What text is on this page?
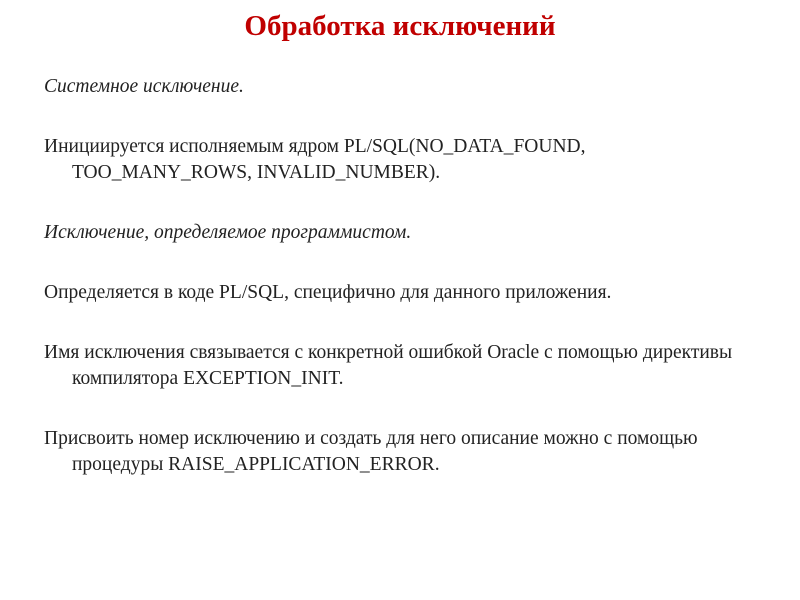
Обработка исключений

Системное исключение.

Инициируется исполняемым ядром PL/SQL(NO_DATA_FOUND, TOO_MANY_ROWS, INVALID_NUMBER).

Исключение, определяемое программистом.

Определяется в коде PL/SQL, специфично для данного приложения.

Имя исключения связывается с конкретной ошибкой Oracle с помощью директивы компилятора EXCEPTION_INIT.

Присвоить номер исключению и создать для него описание можно с помощью процедуры RAISE_APPLICATION_ERROR.
